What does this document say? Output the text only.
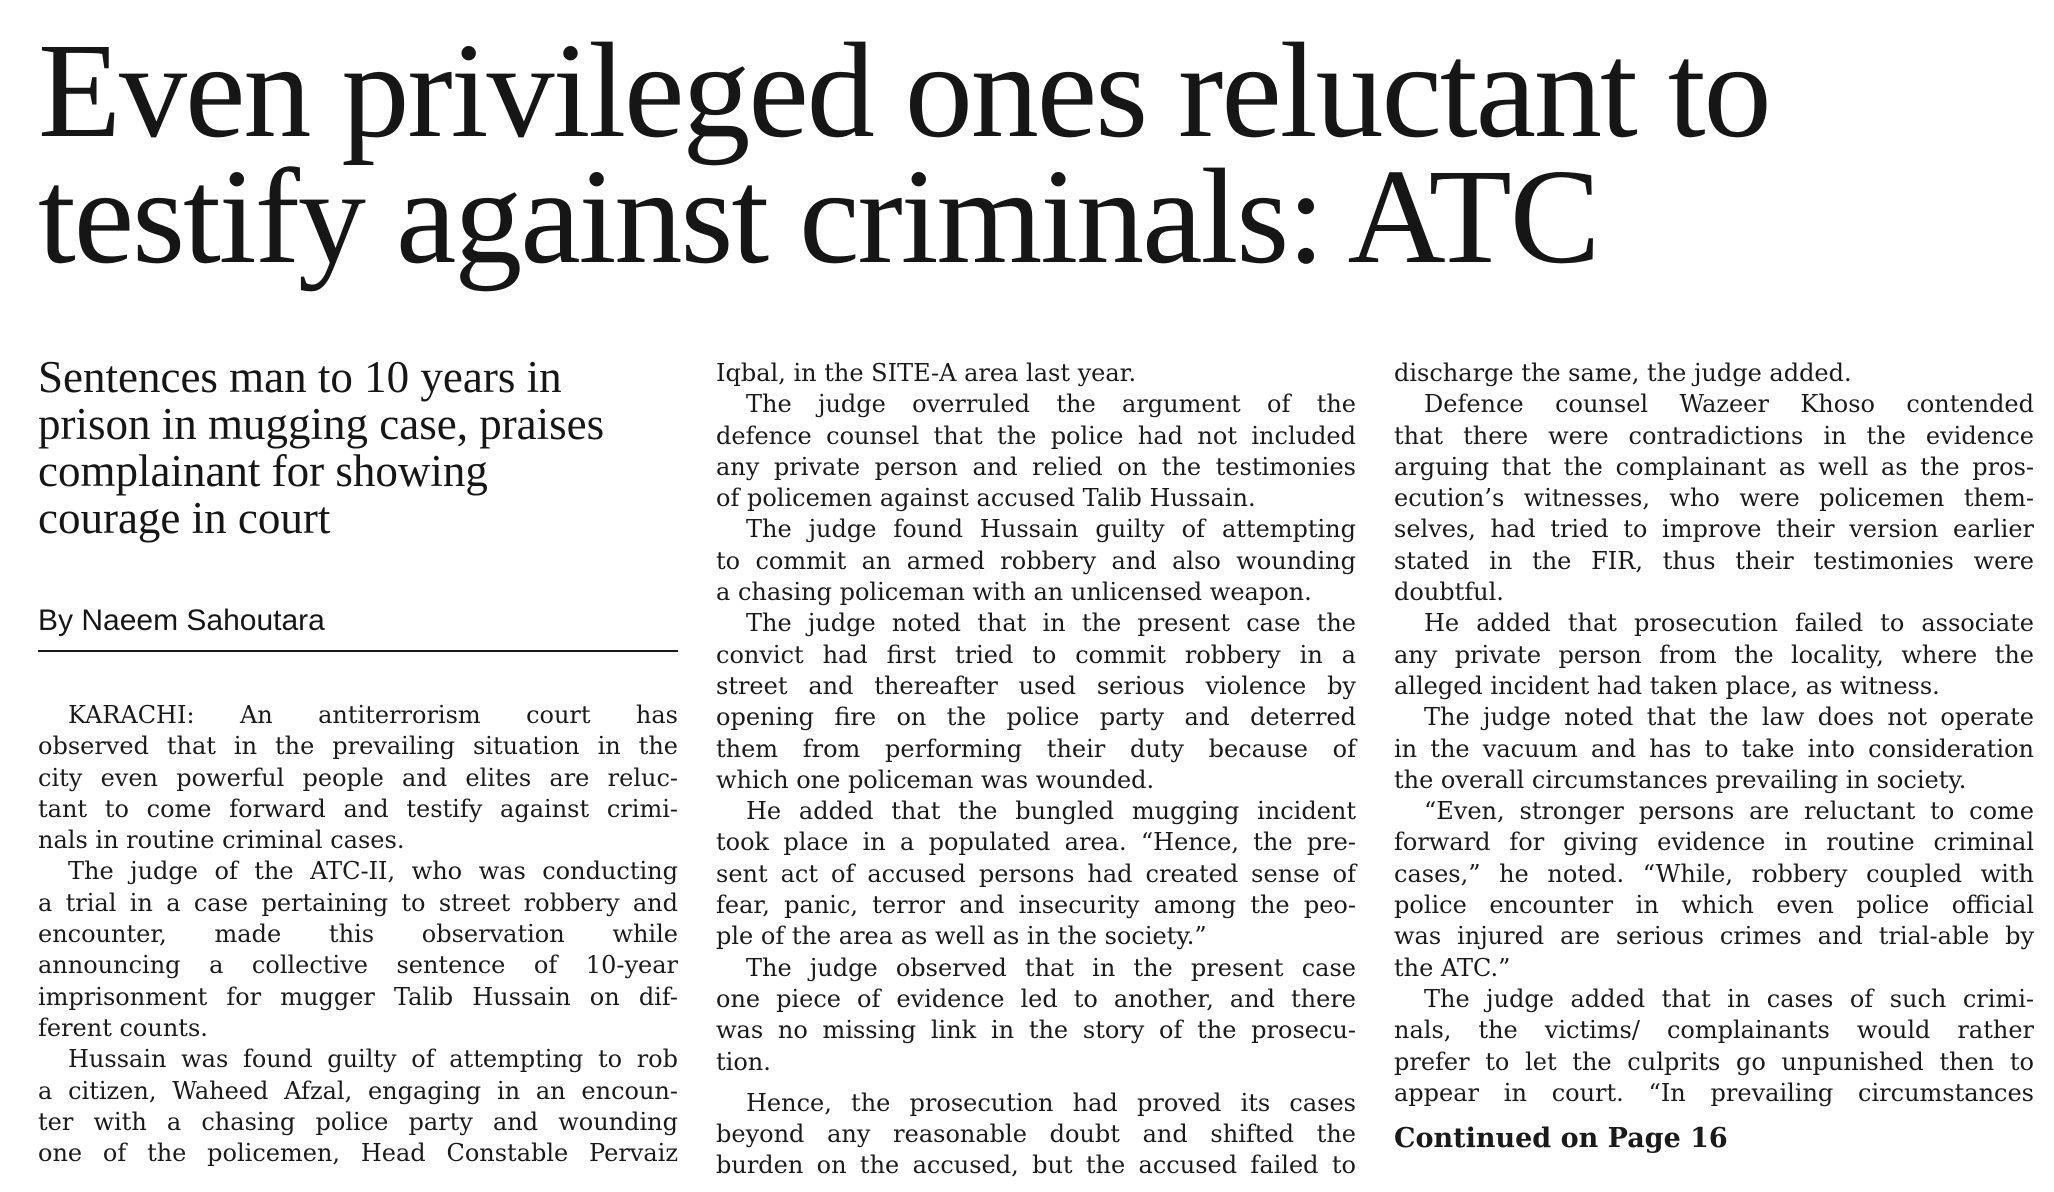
Even privileged ones reluctant to
testify against criminals: ATC
Sentences man to 10 years in
prison in mugging case, praises
complainant for showing
courage in court
By Naeem Sahoutara
KARACHI: An antiterrorism court has
observed that in the prevailing situation in the
city even powerful people and elites are reluc-
tant to come forward and testify against crimi-
nals in routine criminal cases.
The judge of the ATC-II, who was conducting
a trial in a case pertaining to street robbery and
encounter, made this observation while
announcing a collective sentence of 10-year
imprisonment for mugger Talib Hussain on dif-
ferent counts.
Hussain was found guilty of attempting to rob
a citizen, Waheed Afzal, engaging in an encoun-
ter with a chasing police party and wounding
one of the policemen, Head Constable Pervaiz
Iqbal, in the SITE-A area last year.
The judge overruled the argument of the
defence counsel that the police had not included
any private person and relied on the testimonies
of policemen against accused Talib Hussain.
The judge found Hussain guilty of attempting
to commit an armed robbery and also wounding
a chasing policeman with an unlicensed weapon.
The judge noted that in the present case the
convict had first tried to commit robbery in a
street and thereafter used serious violence by
opening fire on the police party and deterred
them from performing their duty because of
which one policeman was wounded.
He added that the bungled mugging incident
took place in a populated area. “Hence, the pre-
sent act of accused persons had created sense of
fear, panic, terror and insecurity among the peo-
ple of the area as well as in the society.”
The judge observed that in the present case
one piece of evidence led to another, and there
was no missing link in the story of the prosecu-
tion.
Hence, the prosecution had proved its cases
beyond any reasonable doubt and shifted the
burden on the accused, but the accused failed to
discharge the same, the judge added.
Defence counsel Wazeer Khoso contended
that there were contradictions in the evidence
arguing that the complainant as well as the pros-
ecution’s witnesses, who were policemen them-
selves, had tried to improve their version earlier
stated in the FIR, thus their testimonies were
doubtful.
He added that prosecution failed to associate
any private person from the locality, where the
alleged incident had taken place, as witness.
The judge noted that the law does not operate
in the vacuum and has to take into consideration
the overall circumstances prevailing in society.
“Even, stronger persons are reluctant to come
forward for giving evidence in routine criminal
cases,” he noted. “While, robbery coupled with
police encounter in which even police official
was injured are serious crimes and trial-able by
the ATC.”
The judge added that in cases of such crimi-
nals, the victims/ complainants would rather
prefer to let the culprits go unpunished then to
appear in court. “In prevailing circumstances
Continued on Page 16
